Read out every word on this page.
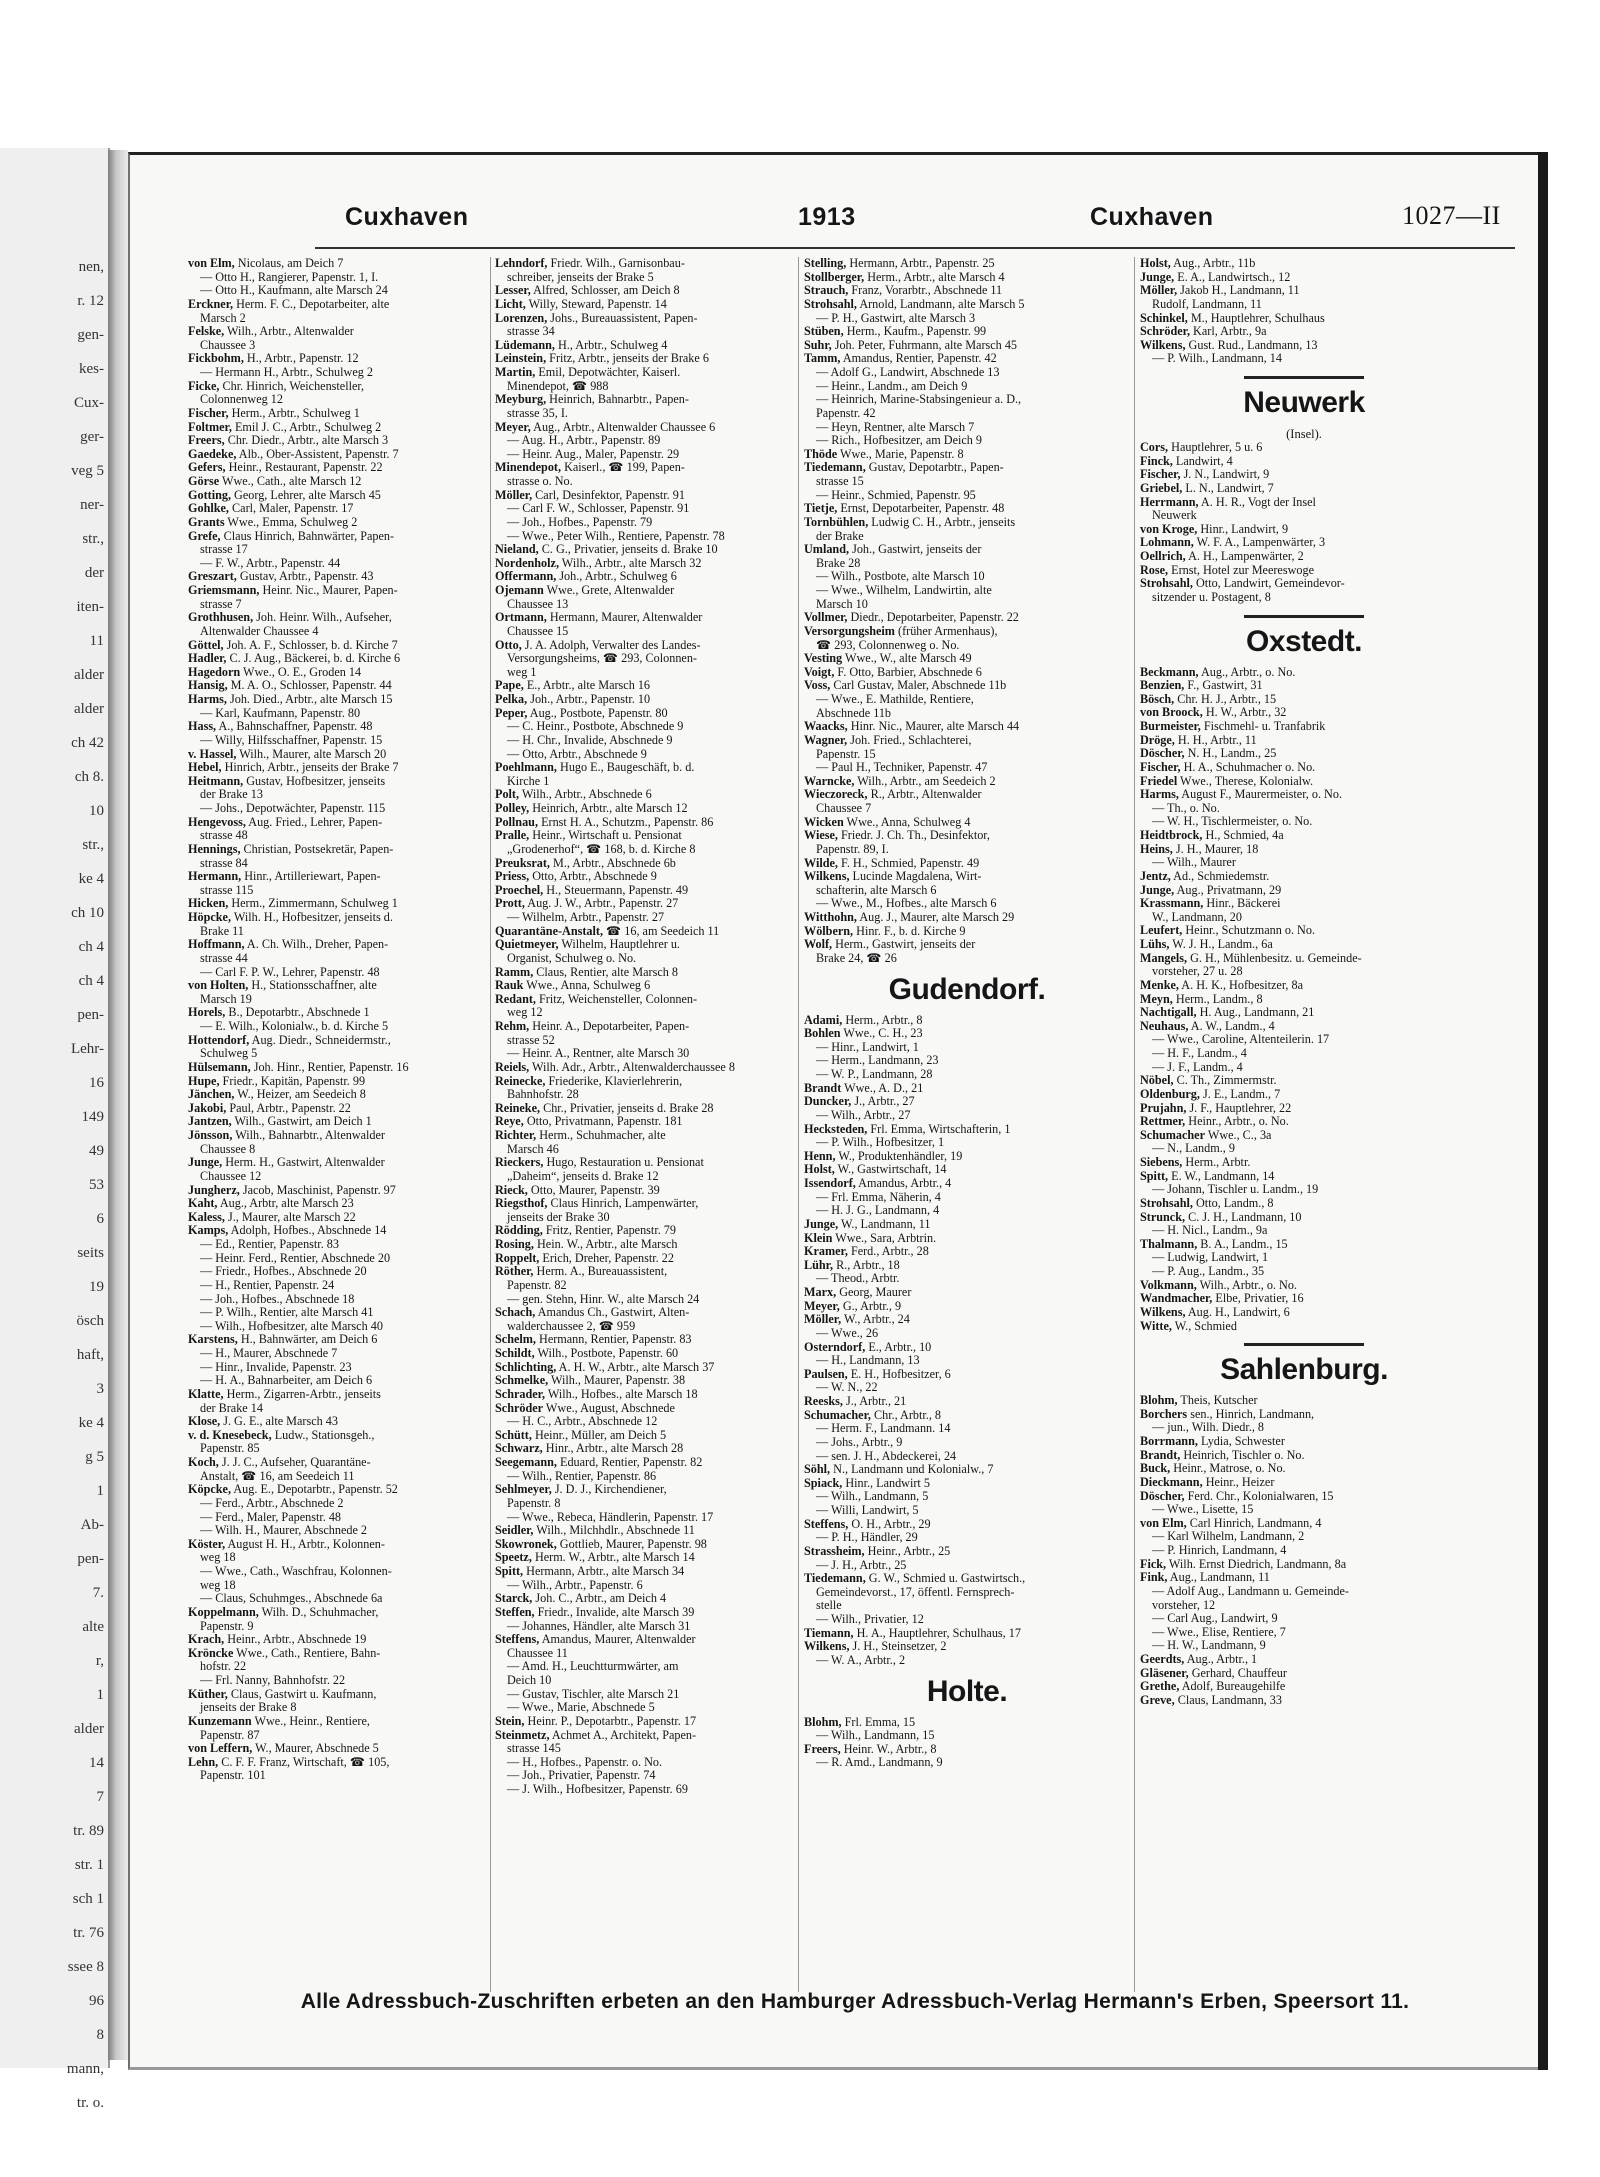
nen,
r. 12
gen-
kes-
Cux-
ger-
veg 5
ner-
str.,
der
iten-
11
alder
alder
ch 42
ch 8.
10
str.,
ke 4
ch 10
ch 4
ch 4
pen-
Lehr-
16
149
49
53
6
seits
19
ösch
haft,
3
ke 4
g 5
1
Ab-
pen-
7.
alte
r,
1
alder
14
7
tr. 89
str. 1
sch 1
tr. 76
ssee 8
96
8
mann,
tr. o.
Cuxhaven	1913	Cuxhaven	1027—II
von Elm, Nicolaus, am Deich 7
— Otto H., Rangierer, Papenstr. 1, I.
— Otto H., Kaufmann, alte Marsch 24
Erckner, Herm. F. C., Depotarbeiter, alte
Marsch 2
Felske, Wilh., Arbtr., Altenwalder
Chaussee 3
Fickbohm, H., Arbtr., Papenstr. 12
— Hermann H., Arbtr., Schulweg 2
Ficke, Chr. Hinrich, Weichensteller,
Colonnenweg 12
Fischer, Herm., Arbtr., Schulweg 1
Foltmer, Emil J. C., Arbtr., Schulweg 2
Freers, Chr. Diedr., Arbtr., alte Marsch 3
Gaedeke, Alb., Ober-Assistent, Papenstr. 7
Gefers, Heinr., Restaurant, Papenstr. 22
Görse Wwe., Cath., alte Marsch 12
Gotting, Georg, Lehrer, alte Marsch 45
Gohlke, Carl, Maler, Papenstr. 17
Grants Wwe., Emma, Schulweg 2
Grefe, Claus Hinrich, Bahnwärter, Papen-
strasse 17
— F. W., Arbtr., Papenstr. 44
Greszart, Gustav, Arbtr., Papenstr. 43
Griemsmann, Heinr. Nic., Maurer, Papen-
strasse 7
Grothhusen, Joh. Heinr. Wilh., Aufseher,
Altenwalder Chaussee 4
Göttel, Joh. A. F., Schlosser, b. d. Kirche 7
Hadler, C. J. Aug., Bäckerei, b. d. Kirche 6
Hagedorn Wwe., O. E., Groden 14
Hansig, M. A. O., Schlosser, Papenstr. 44
Harms, Joh. Died., Arbtr., alte Marsch 15
— Karl, Kaufmann, Papenstr. 80
Hass, A., Bahnschaffner, Papenstr. 48
— Willy, Hilfsschaffner, Papenstr. 15
v. Hassel, Wilh., Maurer, alte Marsch 20
Hebel, Hinrich, Arbtr., jenseits der Brake 7
Heitmann, Gustav, Hofbesitzer, jenseits
der Brake 13
— Johs., Depotwächter, Papenstr. 115
Hengevoss, Aug. Fried., Lehrer, Papen-
strasse 48
Hennings, Christian, Postsekretär, Papen-
strasse 84
Hermann, Hinr., Artilleriewart, Papen-
strasse 115
Hicken, Herm., Zimmermann, Schulweg 1
Höpcke, Wilh. H., Hofbesitzer, jenseits d.
Brake 11
Hoffmann, A. Ch. Wilh., Dreher, Papen-
strasse 44
— Carl F. P. W., Lehrer, Papenstr. 48
von Holten, H., Stationsschaffner, alte
Marsch 19
Horels, B., Depotarbtr., Abschnede 1
— E. Wilh., Kolonialw., b. d. Kirche 5
Hottendorf, Aug. Diedr., Schneidermstr.,
Schulweg 5
Hülsemann, Joh. Hinr., Rentier, Papenstr. 16
Hupe, Friedr., Kapitän, Papenstr. 99
Jänchen, W., Heizer, am Seedeich 8
Jakobi, Paul, Arbtr., Papenstr. 22
Jantzen, Wilh., Gastwirt, am Deich 1
Jönsson, Wilh., Bahnarbtr., Altenwalder
Chaussee 8
Junge, Herm. H., Gastwirt, Altenwalder
Chaussee 12
Jungherz, Jacob, Maschinist, Papenstr. 97
Kaht, Aug., Arbtr, alte Marsch 23
Kaless, J., Maurer, alte Marsch 22
Kamps, Adolph, Hofbes., Abschnede 14
— Ed., Rentier, Papenstr. 83
— Heinr. Ferd., Rentier, Abschnede 20
— Friedr., Hofbes., Abschnede 20
— H., Rentier, Papenstr. 24
— Joh., Hofbes., Abschnede 18
— P. Wilh., Rentier, alte Marsch 41
— Wilh., Hofbesitzer, alte Marsch 40
Karstens, H., Bahnwärter, am Deich 6
— H., Maurer, Abschnede 7
— Hinr., Invalide, Papenstr. 23
— H. A., Bahnarbeiter, am Deich 6
Klatte, Herm., Zigarren-Arbtr., jenseits
der Brake 14
Klose, J. G. E., alte Marsch 43
v. d. Knesebeck, Ludw., Stationsgeh.,
Papenstr. 85
Koch, J. J. C., Aufseher, Quarantäne-
Anstalt, ☎ 16, am Seedeich 11
Köpcke, Aug. E., Depotarbtr., Papenstr. 52
— Ferd., Arbtr., Abschnede 2
— Ferd., Maler, Papenstr. 48
— Wilh. H., Maurer, Abschnede 2
Köster, August H. H., Arbtr., Kolonnen-
weg 18
— Wwe., Cath., Waschfrau, Kolonnen-
weg 18
— Claus, Schuhmges., Abschnede 6a
Koppelmann, Wilh. D., Schuhmacher,
Papenstr. 9
Krach, Heinr., Arbtr., Abschnede 19
Kröncke Wwe., Cath., Rentiere, Bahn-
hofstr. 22
— Frl. Nanny, Bahnhofstr. 22
Küther, Claus, Gastwirt u. Kaufmann,
jenseits der Brake 8
Kunzemann Wwe., Heinr., Rentiere,
Papenstr. 87
von Leffern, W., Maurer, Abschnede 5
Lehn, C. F. F. Franz, Wirtschaft, ☎ 105,
Papenstr. 101
Lehndorf, Friedr. Wilh., Garnisonbau-
schreiber, jenseits der Brake 5
Lesser, Alfred, Schlosser, am Deich 8
Licht, Willy, Steward, Papenstr. 14
Lorenzen, Johs., Bureauassistent, Papen-
strasse 34
Lüdemann, H., Arbtr., Schulweg 4
Leinstein, Fritz, Arbtr., jenseits der Brake 6
Martin, Emil, Depotwächter, Kaiserl.
Minendepot, ☎ 988
Meyburg, Heinrich, Bahnarbtr., Papen-
strasse 35, I.
Meyer, Aug., Arbtr., Altenwalder Chaussee 6
— Aug. H., Arbtr., Papenstr. 89
— Heinr. Aug., Maler, Papenstr. 29
Minendepot, Kaiserl., ☎ 199, Papen-
strasse o. No.
Möller, Carl, Desinfektor, Papenstr. 91
— Carl F. W., Schlosser, Papenstr. 91
— Joh., Hofbes., Papenstr. 79
— Wwe., Peter Wilh., Rentiere, Papenstr. 78
Nieland, C. G., Privatier, jenseits d. Brake 10
Nordenholz, Wilh., Arbtr., alte Marsch 32
Offermann, Joh., Arbtr., Schulweg 6
Ojemann Wwe., Grete, Altenwalder
Chaussee 13
Ortmann, Hermann, Maurer, Altenwalder
Chaussee 15
Otto, J. A. Adolph, Verwalter des Landes-
Versorgungsheims, ☎ 293, Colonnen-
weg 1
Pape, E., Arbtr., alte Marsch 16
Pelka, Joh., Arbtr., Papenstr. 10
Peper, Aug., Postbote, Papenstr. 80
— C. Heinr., Postbote, Abschnede 9
— H. Chr., Invalide, Abschnede 9
— Otto, Arbtr., Abschnede 9
Poehlmann, Hugo E., Baugeschäft, b. d.
Kirche 1
Polt, Wilh., Arbtr., Abschnede 6
Polley, Heinrich, Arbtr., alte Marsch 12
Pollnau, Ernst H. A., Schutzm., Papenstr. 86
Pralle, Heinr., Wirtschaft u. Pensionat
„Grodenerhof“, ☎ 168, b. d. Kirche 8
Preuksrat, M., Arbtr., Abschnede 6b
Priess, Otto, Arbtr., Abschnede 9
Proechel, H., Steuermann, Papenstr. 49
Prott, Aug. J. W., Arbtr., Papenstr. 27
— Wilhelm, Arbtr., Papenstr. 27
Quarantäne-Anstalt, ☎ 16, am Seedeich 11
Quietmeyer, Wilhelm, Hauptlehrer u.
Organist, Schulweg o. No.
Ramm, Claus, Rentier, alte Marsch 8
Rauk Wwe., Anna, Schulweg 6
Redant, Fritz, Weichensteller, Colonnen-
weg 12
Rehm, Heinr. A., Depotarbeiter, Papen-
strasse 52
— Heinr. A., Rentner, alte Marsch 30
Reiels, Wilh. Adr., Arbtr., Altenwalderchaussee 8
Reinecke, Friederike, Klavierlehrerin,
Bahnhofstr. 28
Reineke, Chr., Privatier, jenseits d. Brake 28
Reye, Otto, Privatmann, Papenstr. 181
Richter, Herm., Schuhmacher, alte
Marsch 46
Rieckers, Hugo, Restauration u. Pensionat
„Daheim“, jenseits d. Brake 12
Rieck, Otto, Maurer, Papenstr. 39
Riegsthof, Claus Hinrich, Lampenwärter,
jenseits der Brake 30
Rödding, Fritz, Rentier, Papenstr. 79
Rosing, Hein. W., Arbtr., alte Marsch
Roppelt, Erich, Dreher, Papenstr. 22
Röther, Herm. A., Bureauassistent,
Papenstr. 82
— gen. Stehn, Hinr. W., alte Marsch 24
Schach, Amandus Ch., Gastwirt, Alten-
walderchaussee 2, ☎ 959
Schelm, Hermann, Rentier, Papenstr. 83
Schildt, Wilh., Postbote, Papenstr. 60
Schlichting, A. H. W., Arbtr., alte Marsch 37
Schmelke, Wilh., Maurer, Papenstr. 38
Schrader, Wilh., Hofbes., alte Marsch 18
Schröder Wwe., August, Abschnede
— H. C., Arbtr., Abschnede 12
Schütt, Heinr., Müller, am Deich 5
Schwarz, Hinr., Arbtr., alte Marsch 28
Seegemann, Eduard, Rentier, Papenstr. 82
— Wilh., Rentier, Papenstr. 86
Sehlmeyer, J. D. J., Kirchendiener,
Papenstr. 8
— Wwe., Rebeca, Händlerin, Papenstr. 17
Seidler, Wilh., Milchhdlr., Abschnede 11
Skowronek, Gottlieb, Maurer, Papenstr. 98
Speetz, Herm. W., Arbtr., alte Marsch 14
Spitt, Hermann, Arbtr., alte Marsch 34
— Wilh., Arbtr., Papenstr. 6
Starck, Joh. C., Arbtr., am Deich 4
Steffen, Friedr., Invalide, alte Marsch 39
— Johannes, Händler, alte Marsch 31
Steffens, Amandus, Maurer, Altenwalder
Chaussee 11
— Amd. H., Leuchtturmwärter, am
Deich 10
— Gustav, Tischler, alte Marsch 21
— Wwe., Marie, Abschnede 5
Stein, Heinr. P., Depotarbtr., Papenstr. 17
Steinmetz, Achmet A., Architekt, Papen-
strasse 145
— H., Hofbes., Papenstr. o. No.
— Joh., Privatier, Papenstr. 74
— J. Wilh., Hofbesitzer, Papenstr. 69
Stelling, Hermann, Arbtr., Papenstr. 25
Stollberger, Herm., Arbtr., alte Marsch 4
Strauch, Franz, Vorarbtr., Abschnede 11
Strohsahl, Arnold, Landmann, alte Marsch 5
— P. H., Gastwirt, alte Marsch 3
Stüben, Herm., Kaufm., Papenstr. 99
Suhr, Joh. Peter, Fuhrmann, alte Marsch 45
Tamm, Amandus, Rentier, Papenstr. 42
— Adolf G., Landwirt, Abschnede 13
— Heinr., Landm., am Deich 9
— Heinrich, Marine-Stabsingenieur a. D.,
Papenstr. 42
— Heyn, Rentner, alte Marsch 7
— Rich., Hofbesitzer, am Deich 9
Thöde Wwe., Marie, Papenstr. 8
Tiedemann, Gustav, Depotarbtr., Papen-
strasse 15
— Heinr., Schmied, Papenstr. 95
Tietje, Ernst, Depotarbeiter, Papenstr. 48
Tornbühlen, Ludwig C. H., Arbtr., jenseits
der Brake
Umland, Joh., Gastwirt, jenseits der
Brake 28
— Wilh., Postbote, alte Marsch 10
— Wwe., Wilhelm, Landwirtin, alte
Marsch 10
Vollmer, Diedr., Depotarbeiter, Papenstr. 22
Versorgungsheim (früher Armenhaus),
☎ 293, Colonnenweg o. No.
Vesting Wwe., W., alte Marsch 49
Voigt, F. Otto, Barbier, Abschnede 6
Voss, Carl Gustav, Maler, Abschnede 11b
— Wwe., E. Mathilde, Rentiere,
Abschnede 11b
Waacks, Hinr. Nic., Maurer, alte Marsch 44
Wagner, Joh. Fried., Schlachterei,
Papenstr. 15
— Paul H., Techniker, Papenstr. 47
Warncke, Wilh., Arbtr., am Seedeich 2
Wieczoreck, R., Arbtr., Altenwalder
Chaussee 7
Wicken Wwe., Anna, Schulweg 4
Wiese, Friedr. J. Ch. Th., Desinfektor,
Papenstr. 89, I.
Wilde, F. H., Schmied, Papenstr. 49
Wilkens, Lucinde Magdalena, Wirt-
schafterin, alte Marsch 6
— Wwe., M., Hofbes., alte Marsch 6
Witthohn, Aug. J., Maurer, alte Marsch 29
Wölbern, Hinr. F., b. d. Kirche 9
Wolf, Herm., Gastwirt, jenseits der
Brake 24, ☎ 26
Gudendorf.
Adami, Herm., Arbtr., 8
Bohlen Wwe., C. H., 23
— Hinr., Landwirt, 1
— Herm., Landmann, 23
— W. P., Landmann, 28
Brandt Wwe., A. D., 21
Duncker, J., Arbtr., 27
— Wilh., Arbtr., 27
Hecksteden, Frl. Emma, Wirtschafterin, 1
— P. Wilh., Hofbesitzer, 1
Henn, W., Produktenhändler, 19
Holst, W., Gastwirtschaft, 14
Issendorf, Amandus, Arbtr., 4
— Frl. Emma, Näherin, 4
— H. J. G., Landmann, 4
Junge, W., Landmann, 11
Klein Wwe., Sara, Arbtrin.
Kramer, Ferd., Arbtr., 28
Lühr, R., Arbtr., 18
— Theod., Arbtr.
Marx, Georg, Maurer
Meyer, G., Arbtr., 9
Möller, W., Arbtr., 24
— Wwe., 26
Osterndorf, E., Arbtr., 10
— H., Landmann, 13
Paulsen, E. H., Hofbesitzer, 6
— W. N., 22
Reesks, J., Arbtr., 21
Schumacher, Chr., Arbtr., 8
— Herm. F., Landmann. 14
— Johs., Arbtr., 9
— sen. J. H., Abdeckerei, 24
Söhl, N., Landmann und Kolonialw., 7
Spiack, Hinr., Landwirt 5
— Wilh., Landmann, 5
— Willi, Landwirt, 5
Steffens, O. H., Arbtr., 29
— P. H., Händler, 29
Strassheim, Heinr., Arbtr., 25
— J. H., Arbtr., 25
Tiedemann, G. W., Schmied u. Gastwirtsch.,
Gemeindevorst., 17, öffentl. Fernsprech-
stelle
— Wilh., Privatier, 12
Tiemann, H. A., Hauptlehrer, Schulhaus, 17
Wilkens, J. H., Steinsetzer, 2
— W. A., Arbtr., 2
Holte.
Blohm, Frl. Emma, 15
— Wilh., Landmann, 15
Freers, Heinr. W., Arbtr., 8
— R. Amd., Landmann, 9
Holst, Aug., Arbtr., 11b
Junge, E. A., Landwirtsch., 12
Möller, Jakob H., Landmann, 11
Rudolf, Landmann, 11
Schinkel, M., Hauptlehrer, Schulhaus
Schröder, Karl, Arbtr., 9a
Wilkens, Gust. Rud., Landmann, 13
— P. Wilh., Landmann, 14
Neuwerk
(Insel).
Cors, Hauptlehrer, 5 u. 6
Finck, Landwirt, 4
Fischer, J. N., Landwirt, 9
Griebel, L. N., Landwirt, 7
Herrmann, A. H. R., Vogt der Insel
Neuwerk
von Kroge, Hinr., Landwirt, 9
Lohmann, W. F. A., Lampenwärter, 3
Oellrich, A. H., Lampenwärter, 2
Rose, Ernst, Hotel zur Meereswoge
Strohsahl, Otto, Landwirt, Gemeindevor-
sitzender u. Postagent, 8
Oxstedt.
Beckmann, Aug., Arbtr., o. No.
Benzien, F., Gastwirt, 31
Bösch, Chr. H. J., Arbtr., 15
von Broock, H. W., Arbtr., 32
Burmeister, Fischmehl- u. Tranfabrik
Dröge, H. H., Arbtr., 11
Döscher, N. H., Landm., 25
Fischer, H. A., Schuhmacher o. No.
Friedel Wwe., Therese, Kolonialw.
Harms, August F., Maurermeister, o. No.
— Th., o. No.
— W. H., Tischlermeister, o. No.
Heidtbrock, H., Schmied, 4a
Heins, J. H., Maurer, 18
— Wilh., Maurer
Jentz, Ad., Schmiedemstr.
Junge, Aug., Privatmann, 29
Krassmann, Hinr., Bäckerei
W., Landmann, 20
Leufert, Heinr., Schutzmann o. No.
Lühs, W. J. H., Landm., 6a
Mangels, G. H., Mühlenbesitz. u. Gemeinde-
vorsteher, 27 u. 28
Menke, A. H. K., Hofbesitzer, 8a
Meyn, Herm., Landm., 8
Nachtigall, H. Aug., Landmann, 21
Neuhaus, A. W., Landm., 4
— Wwe., Caroline, Altenteilerin. 17
— H. F., Landm., 4
— J. F., Landm., 4
Nöbel, C. Th., Zimmermstr.
Oldenburg, J. E., Landm., 7
Prujahn, J. F., Hauptlehrer, 22
Rettmer, Heinr., Arbtr., o. No.
Schumacher Wwe., C., 3a
— N., Landm., 9
Siebens, Herm., Arbtr.
Spitt, E. W., Landmann, 14
— Johann, Tischler u. Landm., 19
Strohsahl, Otto, Landm., 8
Strunck, C. J. H., Landmann, 10
— H. Nicl., Landm., 9a
Thalmann, B. A., Landm., 15
— Ludwig, Landwirt, 1
— P. Aug., Landm., 35
Volkmann, Wilh., Arbtr., o. No.
Wandmacher, Elbe, Privatier, 16
Wilkens, Aug. H., Landwirt, 6
Witte, W., Schmied
Sahlenburg.
Blohm, Theis, Kutscher
Borchers sen., Hinrich, Landmann,
— jun., Wilh. Diedr., 8
Borrmann, Lydia, Schwester
Brandt, Heinrich, Tischler o. No.
Buck, Heinr., Matrose, o. No.
Dieckmann, Heinr., Heizer
Döscher, Ferd. Chr., Kolonialwaren, 15
— Wwe., Lisette, 15
von Elm, Carl Hinrich, Landmann, 4
— Karl Wilhelm, Landmann, 2
— P. Hinrich, Landmann, 4
Fick, Wilh. Ernst Diedrich, Landmann, 8a
Fink, Aug., Landmann, 11
— Adolf Aug., Landmann u. Gemeinde-
vorsteher, 12
— Carl Aug., Landwirt, 9
— Wwe., Elise, Rentiere, 7
— H. W., Landmann, 9
Geerdts, Aug., Arbtr., 1
Gläsener, Gerhard, Chauffeur
Grethe, Adolf, Bureaugehilfe
Greve, Claus, Landmann, 33
Alle Adressbuch-Zuschriften erbeten an den Hamburger Adressbuch-Verlag Hermann's Erben, Speersort 11.
